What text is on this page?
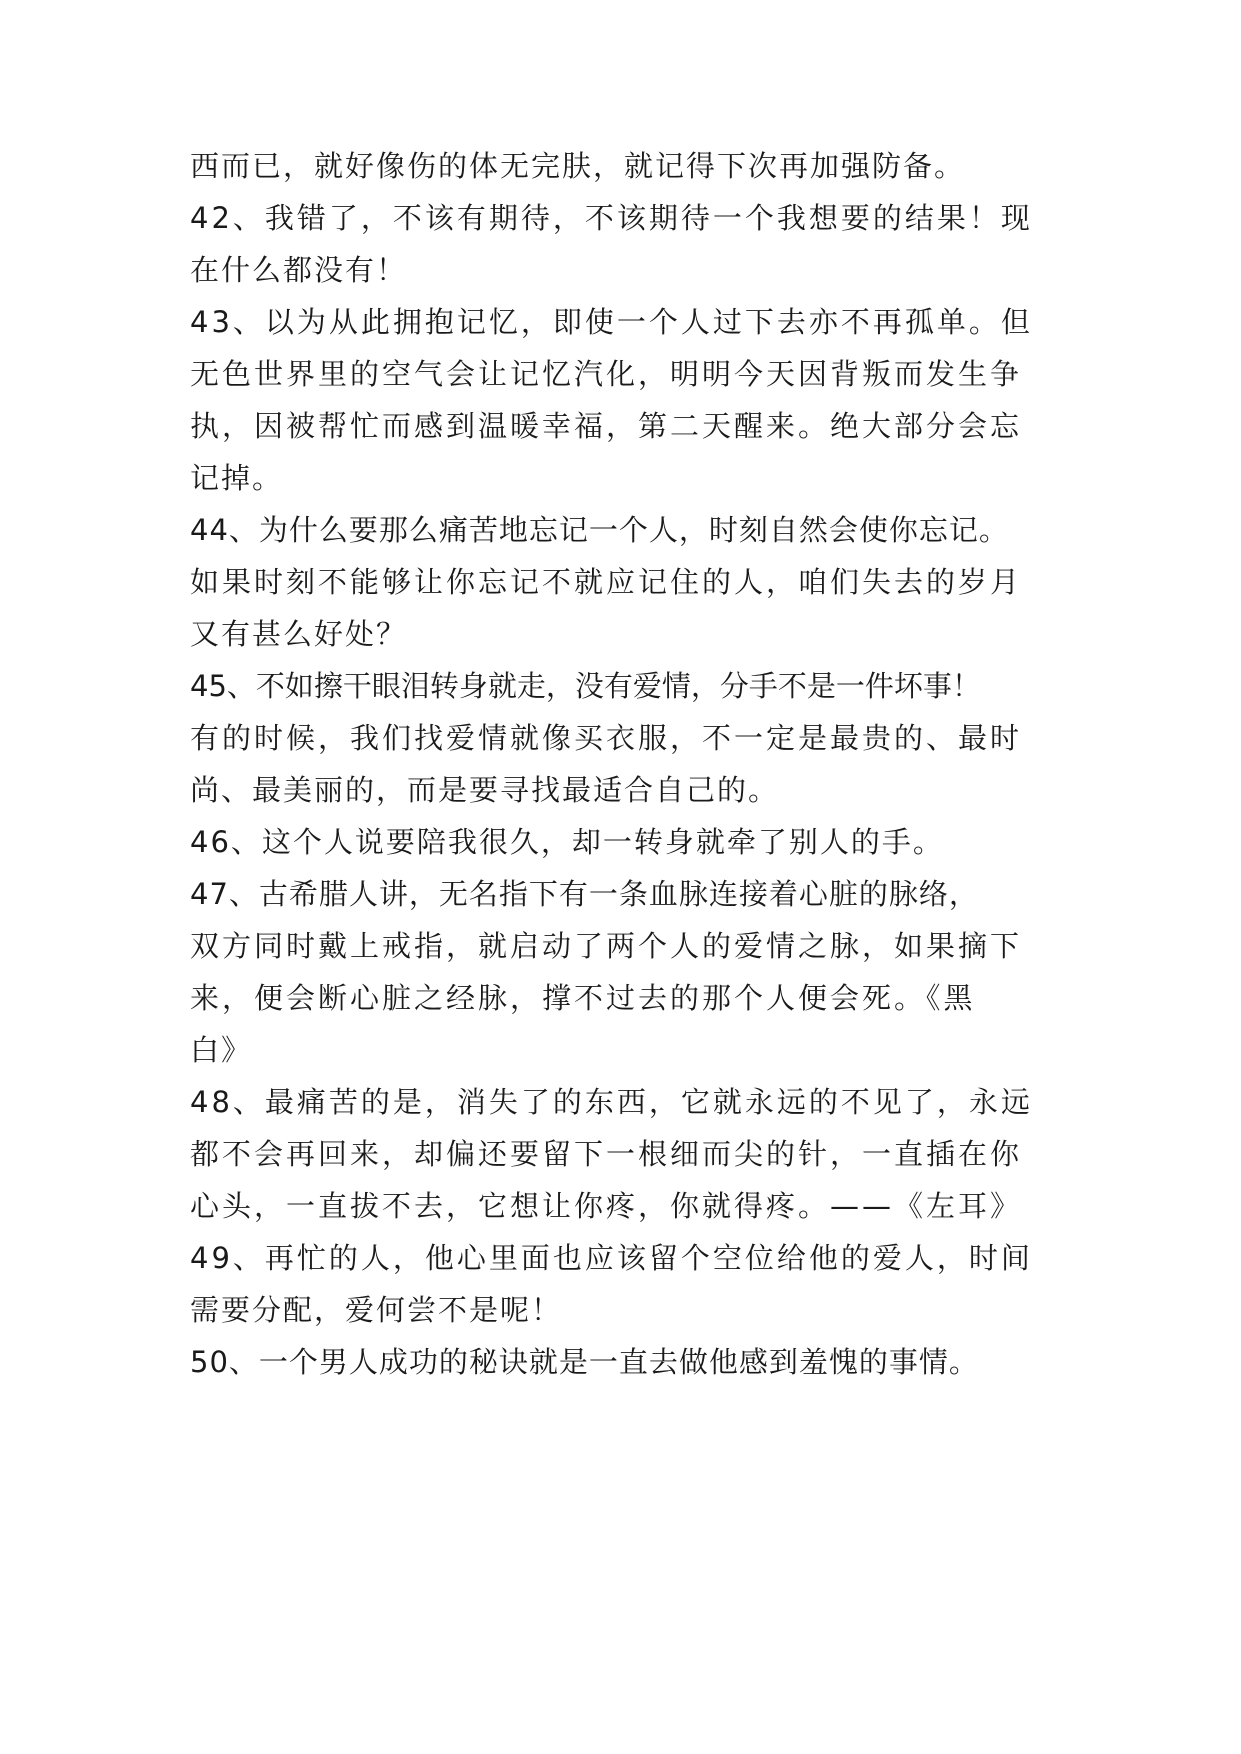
西而已，就好像伤的体无完肤，就记得下次再加强防备。

42、我错了，不该有期待，不该期待一个我想要的结果！现

在什么都没有！

43、以为从此拥抱记忆，即使一个人过下去亦不再孤单。但

无色世界里的空气会让记忆汽化，明明今天因背叛而发生争

执，因被帮忙而感到温暖幸福，第二天醒来。绝大部分会忘

记掉。

44、为什么要那么痛苦地忘记一个人，时刻自然会使你忘记。

如果时刻不能够让你忘记不就应记住的人，咱们失去的岁月

又有甚么好处？

45、不如擦干眼泪转身就走，没有爱情，分手不是一件坏事！

有的时候，我们找爱情就像买衣服，不一定是最贵的、最时

尚、最美丽的，而是要寻找最适合自己的。

46、这个人说要陪我很久，却一转身就牵了别人的手。

47、古希腊人讲，无名指下有一条血脉连接着心脏的脉络，

双方同时戴上戒指，就启动了两个人的爱情之脉，如果摘下

来，便会断心脏之经脉，撑不过去的那个人便会死。《黑

白》

48、最痛苦的是，消失了的东西，它就永远的不见了，永远

都不会再回来，却偏还要留下一根细而尖的针，一直插在你

心头，一直拔不去，它想让你疼，你就得疼。——《左耳》

49、再忙的人，他心里面也应该留个空位给他的爱人，时间

需要分配，爱何尝不是呢！

50、一个男人成功的秘诀就是一直去做他感到羞愧的事情。
